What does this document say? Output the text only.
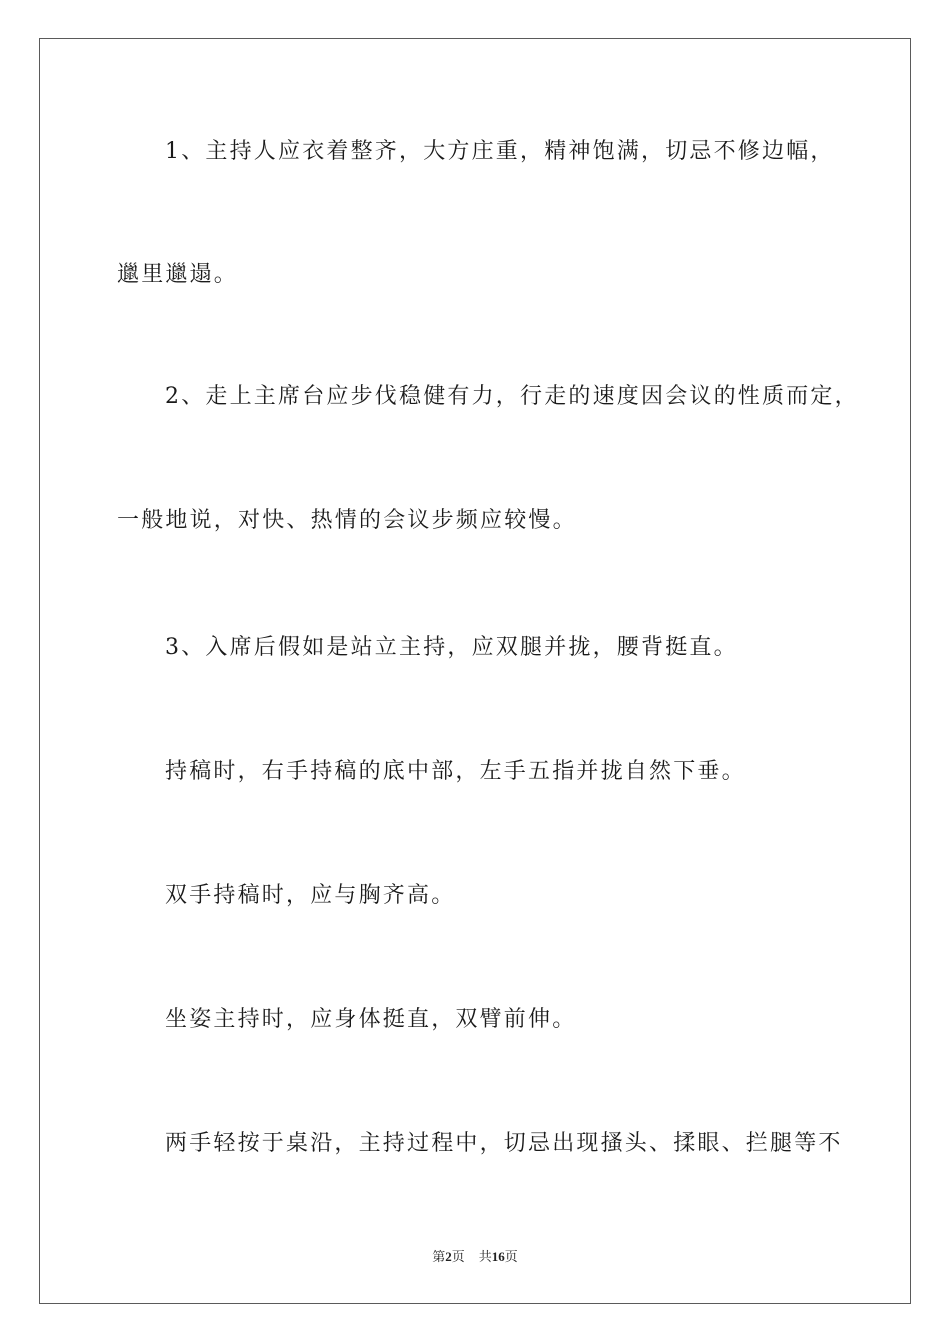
1、主持人应衣着整齐，大方庄重，精神饱满，切忌不修边幅，
邋里邋遢。
2、走上主席台应步伐稳健有力，行走的速度因会议的性质而定，
一般地说，对快、热情的会议步频应较慢。
3、入席后假如是站立主持，应双腿并拢，腰背挺直。
持稿时，右手持稿的底中部，左手五指并拢自然下垂。
双手持稿时，应与胸齐高。
坐姿主持时，应身体挺直，双臂前伸。
两手轻按于桌沿，主持过程中，切忌出现搔头、揉眼、拦腿等不
第2页 共16页
